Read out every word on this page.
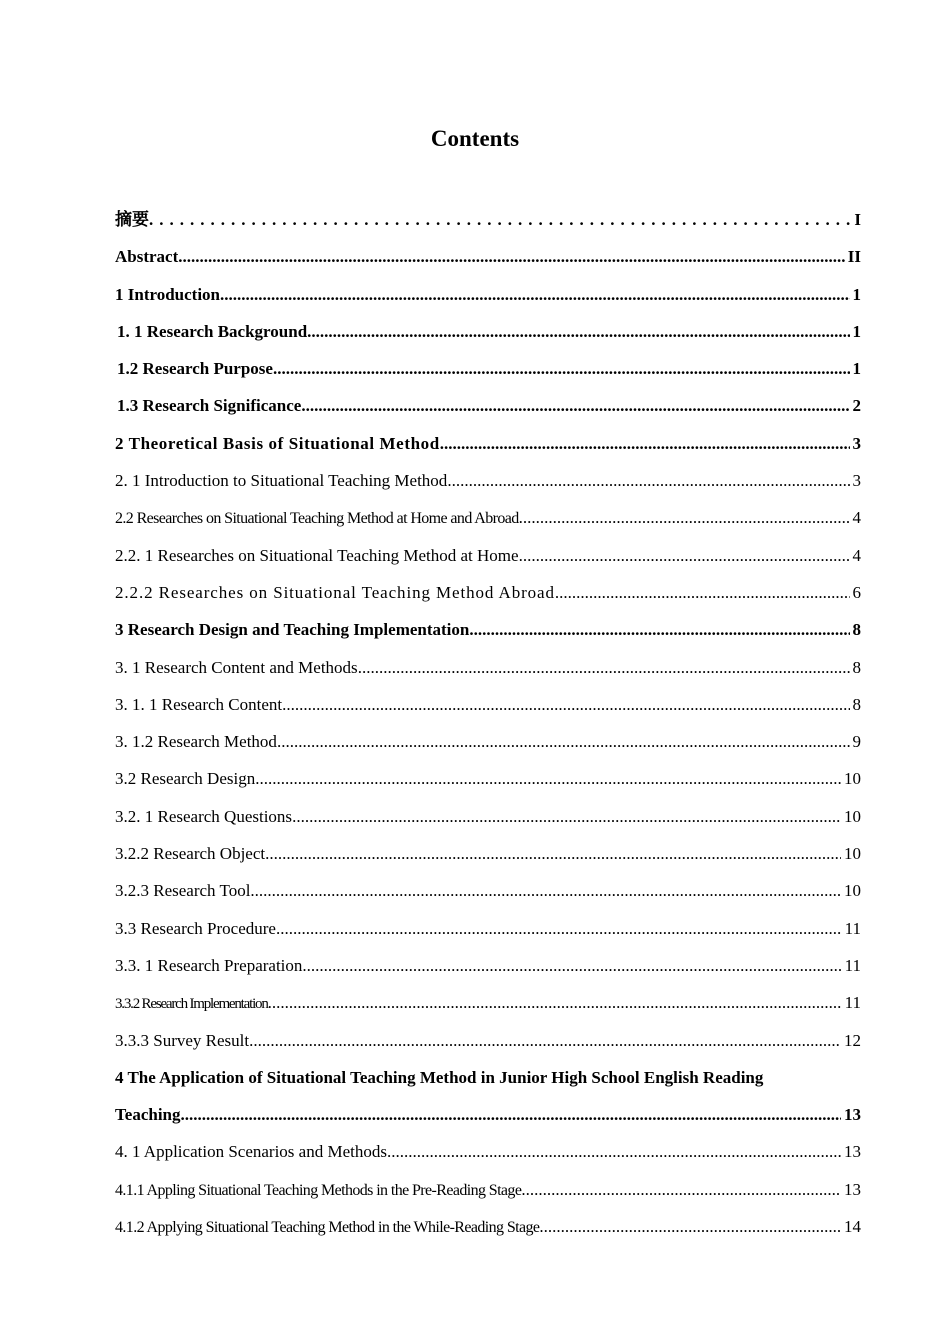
Contents
摘要 .....	I
Abstract .....	II
1 Introduction .....	1
1. 1 Research Background .....	1
1.2 Research Purpose .....	1
1.3 Research Significance .....	2
2 Theoretical Basis of Situational Method .....	3
2. 1 Introduction to Situational Teaching Method .....	3
2.2 Researches on Situational Teaching Method at Home and Abroad .....	4
2.2. 1 Researches on Situational Teaching Method at Home .....	4
2.2.2 Researches on Situational Teaching Method Abroad .....	6
3 Research Design and Teaching Implementation .....	8
3. 1 Research Content and Methods .....	8
3. 1. 1 Research Content .....	8
3. 1.2 Research Method .....	9
3.2 Research Design .....	10
3.2. 1 Research Questions .....	10
3.2.2 Research Object .....	10
3.2.3 Research Tool .....	10
3.3 Research Procedure .....	11
3.3. 1 Research Preparation .....	11
3.3.2 Research Implementation .....	11
3.3.3 Survey Result .....	12
4 The Application of Situational Teaching Method in Junior High School English Reading
Teaching .....	13
4. 1 Application Scenarios and Methods .....	13
4.1.1 Appling Situational Teaching Methods in the Pre-Reading Stage .....	13
4.1.2 Applying Situational Teaching Method in the While-Reading Stage .....	14
